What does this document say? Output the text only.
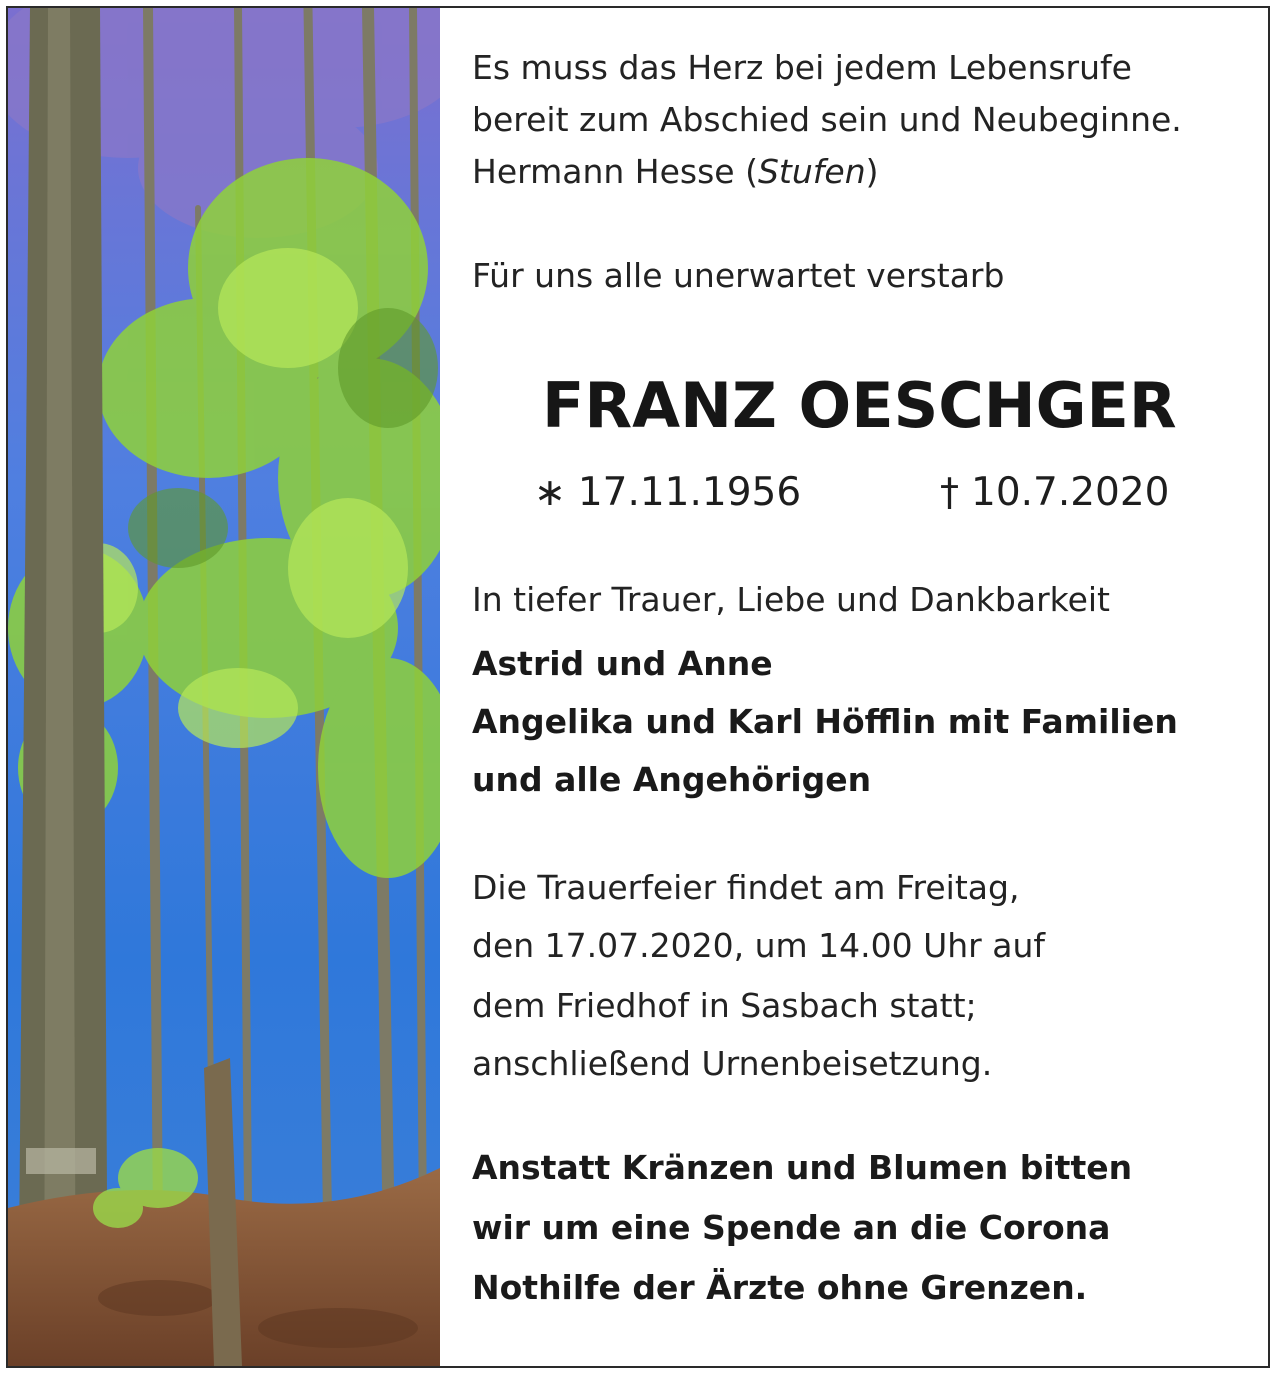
Es muss das Herz bei jedem Lebensrufe
bereit zum Abschied sein und Neubeginne.
Hermann Hesse (Stufen)
Für uns alle unerwartet verstarb
FRANZ OESCHGER
∗ 17.11.1956	† 10.7.2020
In tiefer Trauer, Liebe und Dankbarkeit
Astrid und Anne
Angelika und Karl Höfflin mit Familien
und alle Angehörigen
Die Trauerfeier findet am Freitag,
den 17.07.2020, um 14.00 Uhr auf
dem Friedhof in Sasbach statt;
anschließend Urnenbeisetzung.
Anstatt Kränzen und Blumen bitten
wir um eine Spende an die Corona
Nothilfe der Ärzte ohne Grenzen.
